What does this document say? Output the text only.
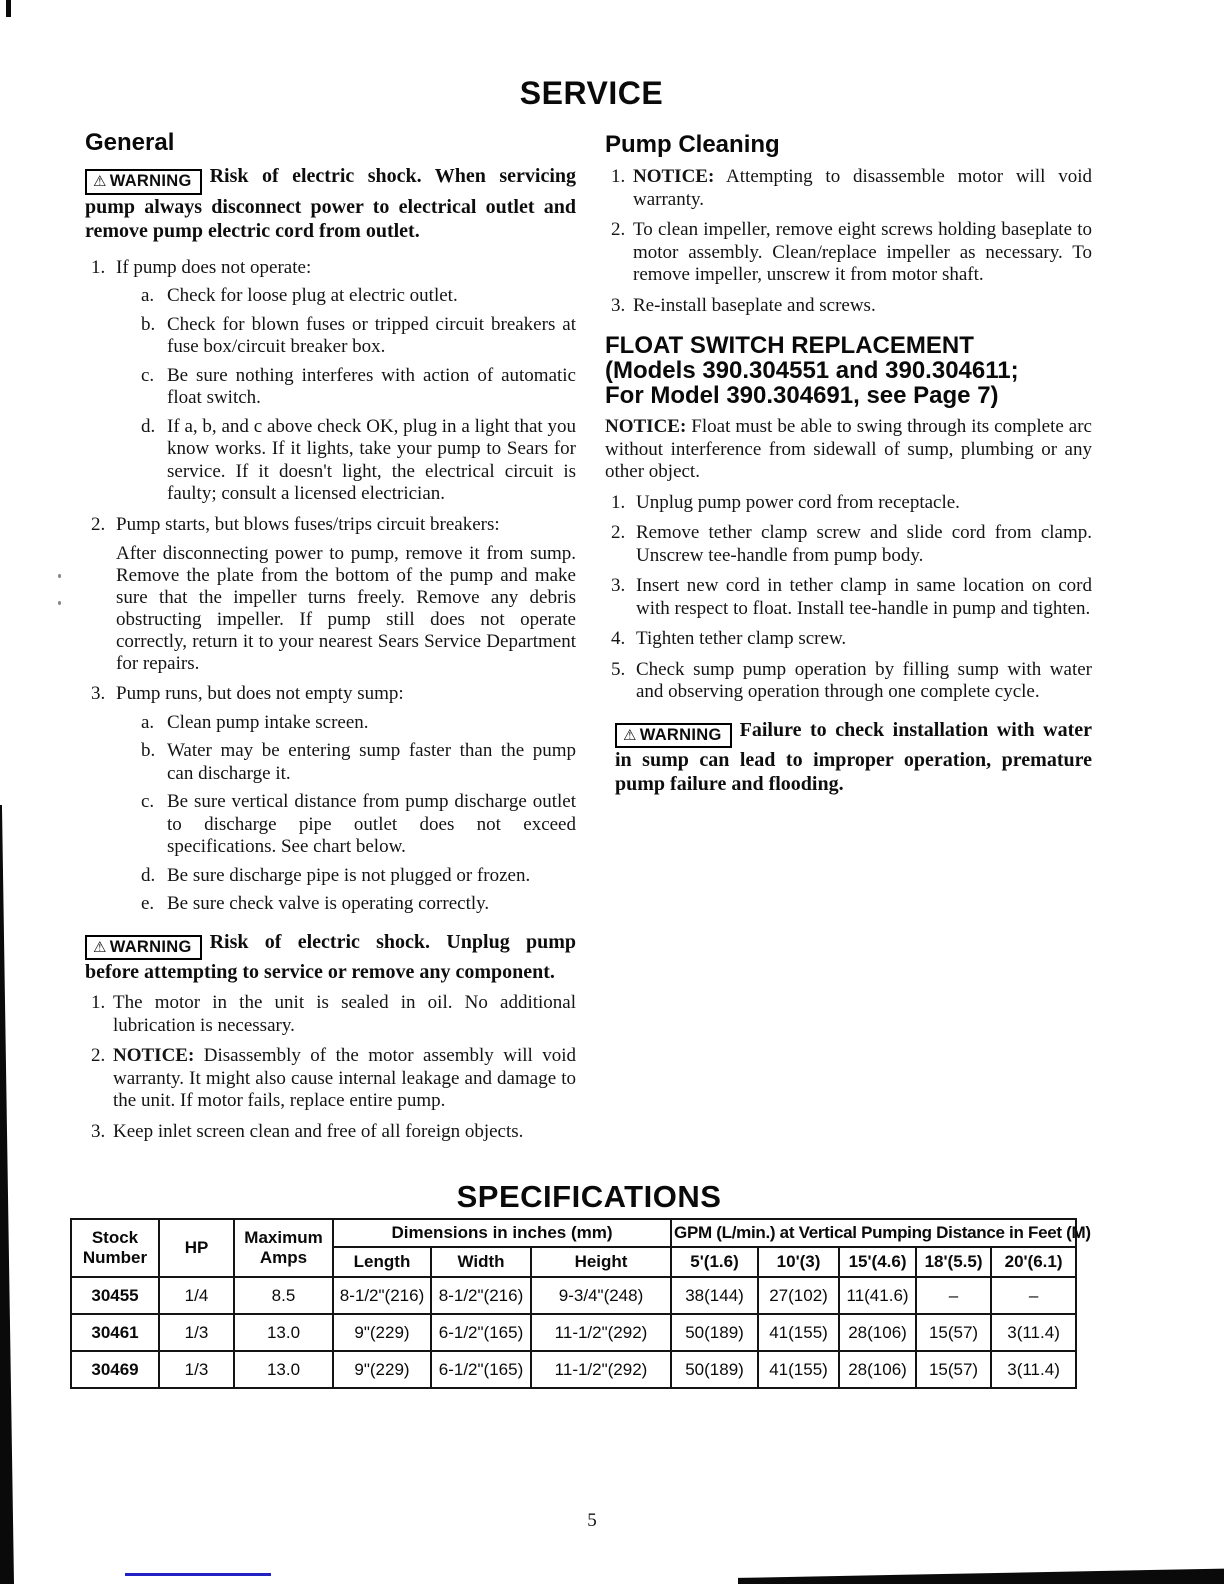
SERVICE
General

⚠ WARNING Risk of electric shock. When servicing pump always disconnect power to electrical outlet and remove pump electric cord from outlet.

1. If pump does not operate:
a. Check for loose plug at electric outlet.
b. Check for blown fuses or tripped circuit breakers at fuse box/circuit breaker box.
c. Be sure nothing interferes with action of automatic float switch.
d. If a, b, and c above check OK, plug in a light that you know works. If it lights, take your pump to Sears for service. If it doesn't light, the electrical circuit is faulty; consult a licensed electrician.
2. Pump starts, but blows fuses/trips circuit breakers:

After disconnecting power to pump, remove it from sump. Remove the plate from the bottom of the pump and make sure that the impeller turns freely. Remove any debris obstructing impeller. If pump still does not operate correctly, return it to your nearest Sears Service Department for repairs.

3. Pump runs, but does not empty sump:
a. Clean pump intake screen.
b. Water may be entering sump faster than the pump can discharge it.
c. Be sure vertical distance from pump discharge outlet to discharge pipe outlet does not exceed specifications. See chart below.
d. Be sure discharge pipe is not plugged or frozen.
e. Be sure check valve is operating correctly.

⚠ WARNING Risk of electric shock. Unplug pump before attempting to service or remove any component.

1. The motor in the unit is sealed in oil. No additional lubrication is necessary.
2. NOTICE: Disassembly of the motor assembly will void warranty. It might also cause internal leakage and damage to the unit. If motor fails, replace entire pump.
3. Keep inlet screen clean and free of all foreign objects.
Pump Cleaning
1. NOTICE: Attempting to disassemble motor will void warranty.
2. To clean impeller, remove eight screws holding baseplate to motor assembly. Clean/replace impeller as necessary. To remove impeller, unscrew it from motor shaft.
3. Re-install baseplate and screws.
FLOAT SWITCH REPLACEMENT
(Models 390.304551 and 390.304611;
For Model 390.304691, see Page 7)

NOTICE: Float must be able to swing through its complete arc without interference from sidewall of sump, plumbing or any other object.

1. Unplug pump power cord from receptacle.
2. Remove tether clamp screw and slide cord from clamp. Unscrew tee-handle from pump body.
3. Insert new cord in tether clamp in same location on cord with respect to float. Install tee-handle in pump and tighten.
4. Tighten tether clamp screw.
5. Check sump pump operation by filling sump with water and observing operation through one complete cycle.

⚠ WARNING Failure to check installation with water in sump can lead to improper operation, premature pump failure and flooding.

SPECIFICATIONS
Stock Number	HP	Maximum Amps	Dimensions in inches (mm)			GPM (L/min.) at Vertical Pumping Distance in Feet (M)				
			Length	Width	Height	5'(1.6)	10'(3)	15'(4.6)	18'(5.5)	20'(6.1)
30455	1/4	8.5	8-1/2"(216)	8-1/2"(216)	9-3/4"(248)	38(144)	27(102)	11(41.6)	–	–
30461	1/3	13.0	9"(229)	6-1/2"(165)	11-1/2"(292)	50(189)	41(155)	28(106)	15(57)	3(11.4)
30469	1/3	13.0	9"(229)	6-1/2"(165)	11-1/2"(292)	50(189)	41(155)	28(106)	15(57)	3(11.4)
5
